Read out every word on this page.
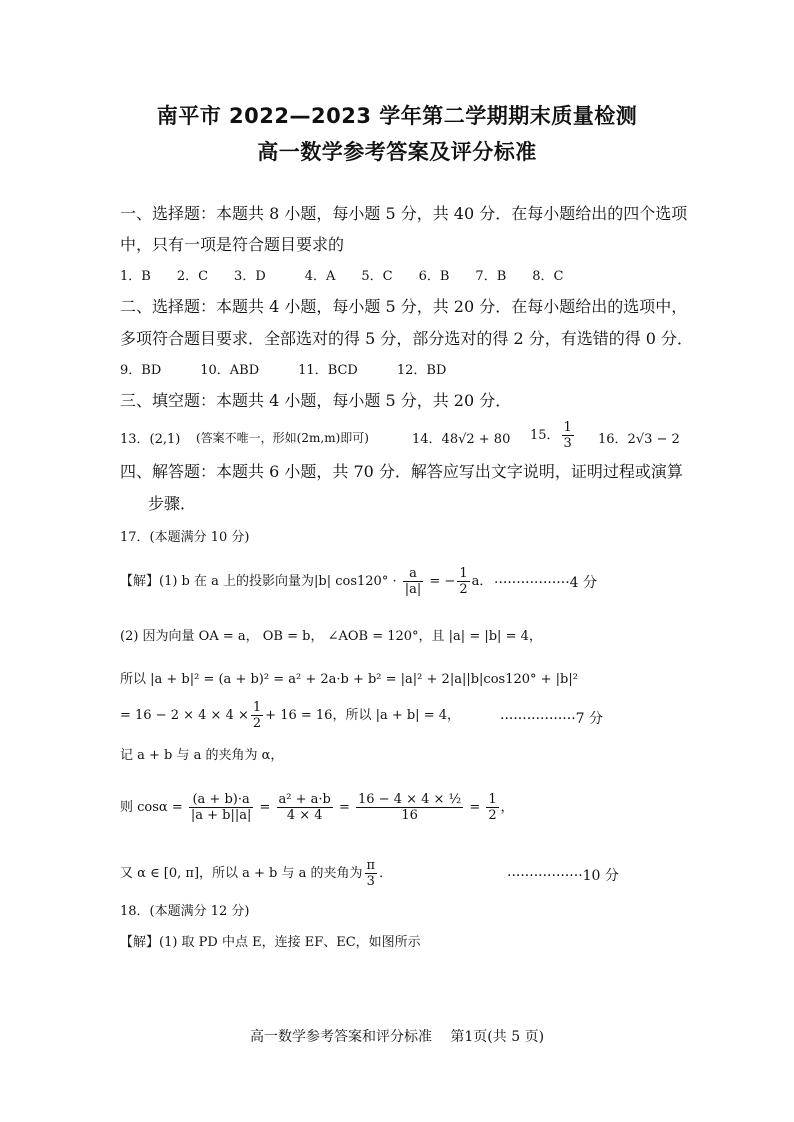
南平市 2022—2023 学年第二学期期末质量检测
高一数学参考答案及评分标准
一、选择题：本题共 8 小题，每小题 5 分，共 40 分．在每小题给出的四个选项
中，只有一项是符合题目要求的
1．B　　2．C　　3．D　　　4．A　　5．C　　6．B　　7．B　　8．C
二、选择题：本题共 4 小题，每小题 5 分，共 20 分．在每小题给出的选项中，
多项符合题目要求．全部选对的得 5 分，部分选对的得 2 分，有选错的得 0 分．
9．BD　　　10．ABD　　　11．BCD　　　12．BD
三、填空题：本题共 4 小题，每小题 5 分，共 20 分．
13．(2,1) (答案不唯一，形如(2m,m)即可)	14．48√2 + 80 15． $\frac{1}{3} 16$．2√3 − 2
四、解答题：本题共 6 小题，共 70 分．解答应写出文字说明，证明过程或演算
步骤．
17．(本题满分 10 分)
【解】(1) b 在 a 上的投影向量为|b| $\cos 120^\circ \cdot \frac{a}{|a|}$ = − $\frac{1}{2}$ a． ·················4 分
(2) 因为向量 OA = a， OB = b， ∠AOB = 120°，且 |a| = |b| = 4，
所以 |a + b|² = (a + b)² = a² + 2a·b + b² = |a|² + 2|a||b|cos120° + |b|²
= $16 - 2 \times 4 \times 4 \times \frac{1}{2} + 16 = 16$，所以 |a + b| = 4，	·················7 分
记 a + b 与 a 的夹角为 α，
则 $\cos\alpha = \frac{(a + b)\cdot a}{|a + b||a|} = \frac{\text{a² + a·b}}{4 \times 4} = \frac{\text{16 − 4 × 4 × ½}}{16} = \frac{1}{2}$ ，
又 α ∈ [0, π]，所以 a + b 与 a 的夹角为 $\frac{\pi}{3}$ ．	·················10 分
18．(本题满分 12 分)
【解】(1) 取 PD 中点 E，连接 EF、EC，如图所示
高一数学参考答案和评分标准　 第1页(共 5 页)
